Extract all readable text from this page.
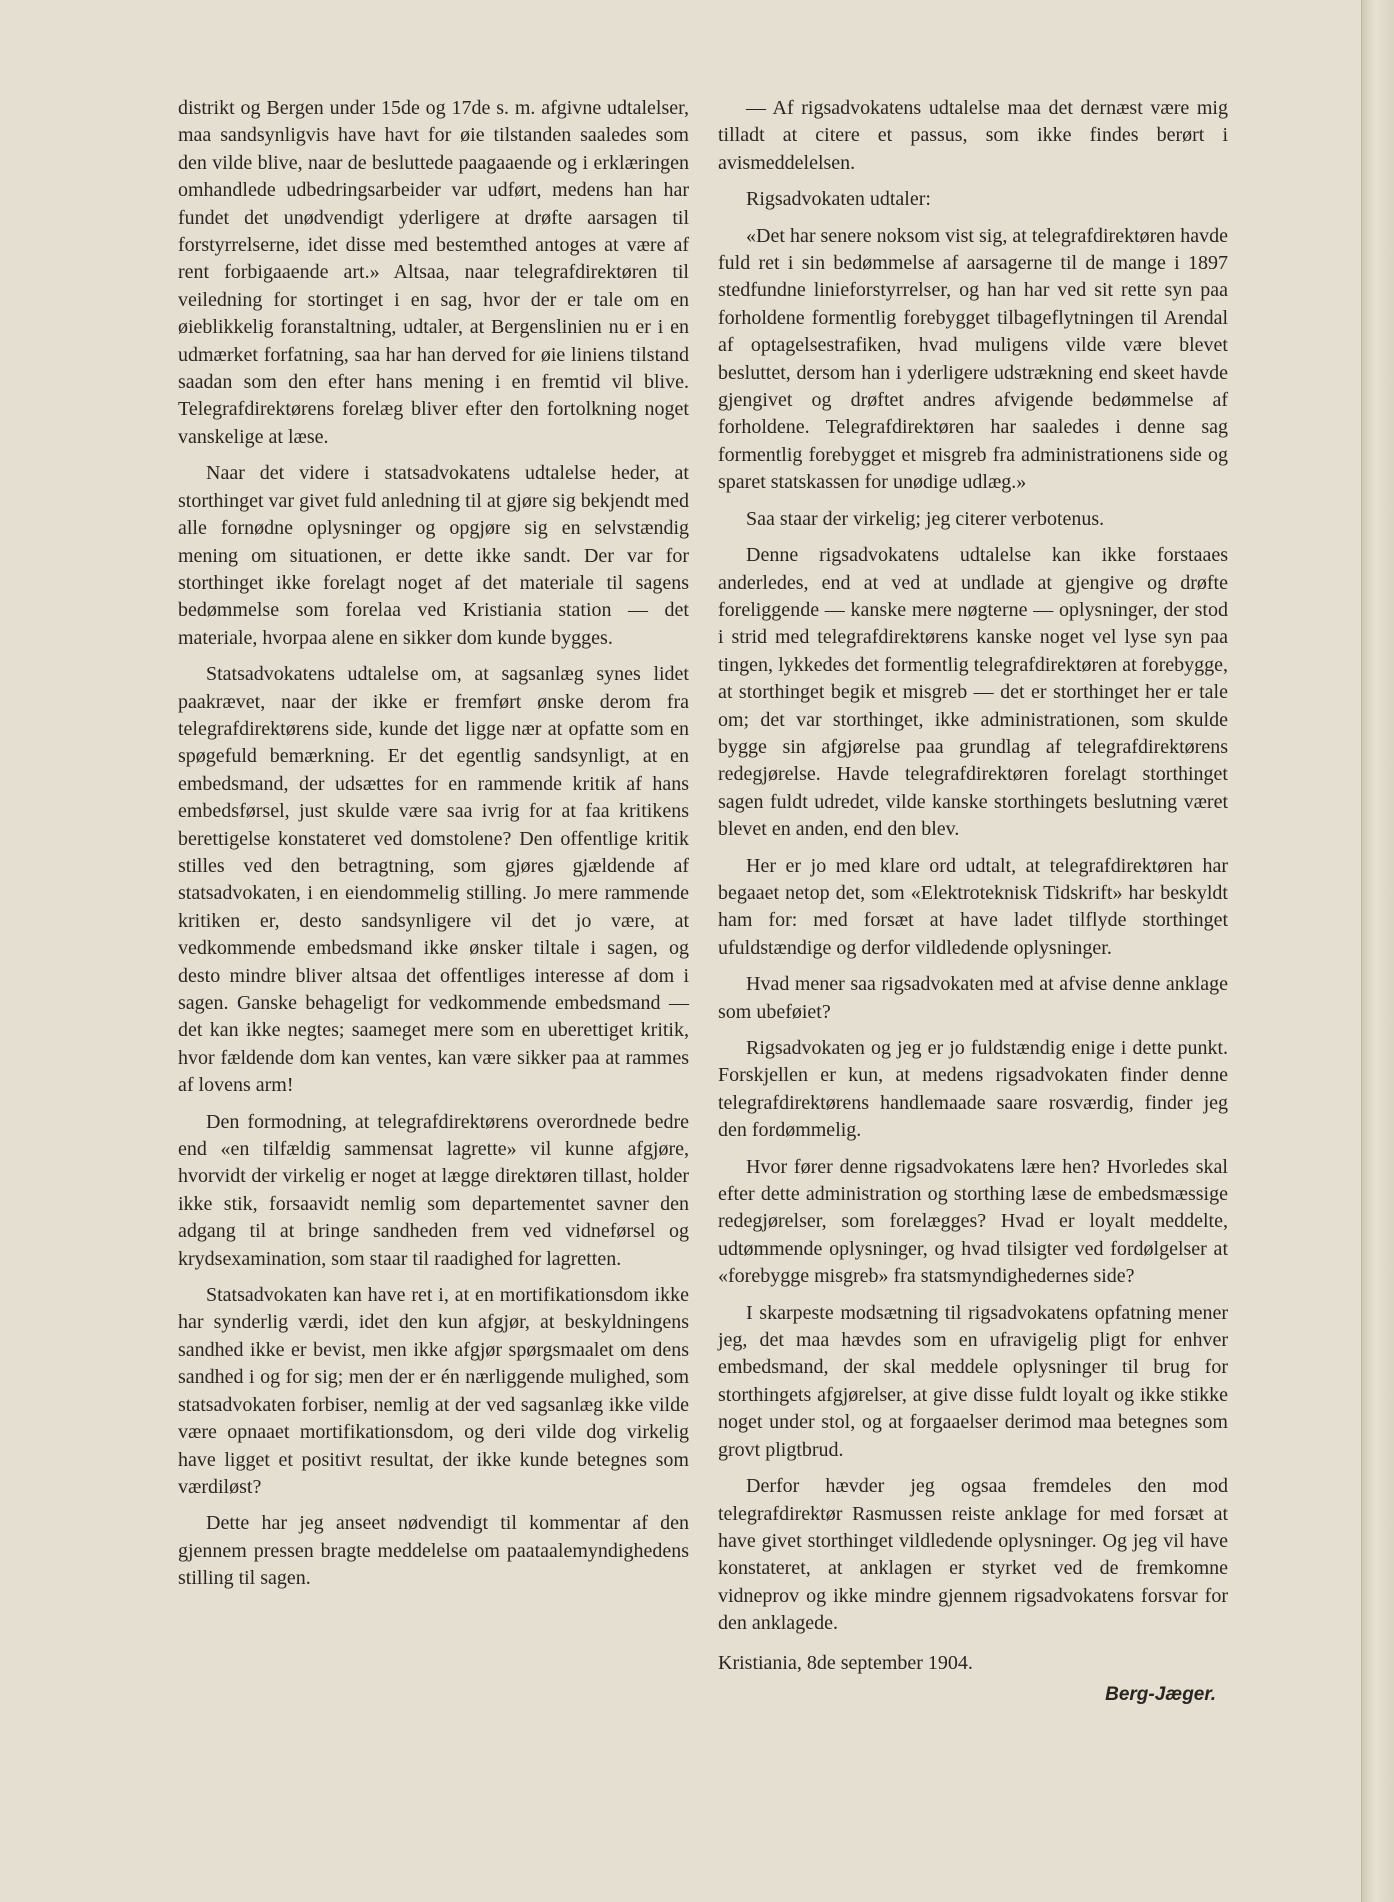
distrikt og Bergen under 15de og 17de s. m. afgivne udtalelser, maa sandsynligvis have havt for øie tilstanden saaledes som den vilde blive, naar de besluttede paagaaende og i erklæringen omhandlede udbedringsarbeider var udført, medens han har fundet det unødvendigt yderligere at drøfte aarsagen til forstyrrelserne, idet disse med bestemthed antoges at være af rent forbigaaende art.» Altsaa, naar telegrafdirektøren til veiledning for stortinget i en sag, hvor der er tale om en øieblikkelig foranstaltning, udtaler, at Bergenslinien nu er i en udmærket forfatning, saa har han derved for øie liniens tilstand saadan som den efter hans mening i en fremtid vil blive. Telegrafdirektørens forelæg bliver efter den fortolkning noget vanskelige at læse.

Naar det videre i statsadvokatens udtalelse heder, at storthinget var givet fuld anledning til at gjøre sig bekjendt med alle fornødne oplysninger og opgjøre sig en selvstændig mening om situationen, er dette ikke sandt. Der var for storthinget ikke forelagt noget af det materiale til sagens bedømmelse som forelaa ved Kristiania station — det materiale, hvorpaa alene en sikker dom kunde bygges.

Statsadvokatens udtalelse om, at sagsanlæg synes lidet paakrævet, naar der ikke er fremført ønske derom fra telegrafdirektørens side, kunde det ligge nær at opfatte som en spøgefuld bemærkning. Er det egentlig sandsynligt, at en embedsmand, der udsættes for en rammende kritik af hans embedsførsel, just skulde være saa ivrig for at faa kritikens berettigelse konstateret ved domstolene? Den offentlige kritik stilles ved den betragtning, som gjøres gjældende af statsadvokaten, i en eiendommelig stilling. Jo mere rammende kritiken er, desto sandsynligere vil det jo være, at vedkommende embedsmand ikke ønsker tiltale i sagen, og desto mindre bliver altsaa det offentliges interesse af dom i sagen. Ganske behageligt for vedkommende embedsmand — det kan ikke negtes; saameget mere som en uberettiget kritik, hvor fældende dom kan ventes, kan være sikker paa at rammes af lovens arm!

Den formodning, at telegrafdirektørens overordnede bedre end «en tilfældig sammensat lagrette» vil kunne afgjøre, hvorvidt der virkelig er noget at lægge direktøren tillast, holder ikke stik, forsaavidt nemlig som departementet savner den adgang til at bringe sandheden frem ved vidneførsel og krydsexamination, som staar til raadighed for lagretten.

Statsadvokaten kan have ret i, at en mortifikationsdom ikke har synderlig værdi, idet den kun afgjør, at beskyldningens sandhed ikke er bevist, men ikke afgjør spørgsmaalet om dens sandhed i og for sig; men der er én nærliggende mulighed, som statsadvokaten forbiser, nemlig at der ved sagsanlæg ikke vilde være opnaaet mortifikationsdom, og deri vilde dog virkelig have ligget et positivt resultat, der ikke kunde betegnes som værdiløst?

Dette har jeg anseet nødvendigt til kommentar af den gjennem pressen bragte meddelelse om paataalemyndighedens stilling til sagen.

— Af rigsadvokatens udtalelse maa det dernæst være mig tilladt at citere et passus, som ikke findes berørt i avismeddelelsen.

Rigsadvokaten udtaler:

«Det har senere noksom vist sig, at telegrafdirektøren havde fuld ret i sin bedømmelse af aarsagerne til de mange i 1897 stedfundne linieforstyrrelser, og han har ved sit rette syn paa forholdene formentlig forebygget tilbageflytningen til Arendal af optagelsestrafiken, hvad muligens vilde være blevet besluttet, dersom han i yderligere udstrækning end skeet havde gjengivet og drøftet andres afvigende bedømmelse af forholdene. Telegrafdirektøren har saaledes i denne sag formentlig forebygget et misgreb fra administrationens side og sparet statskassen for unødige udlæg.»

Saa staar der virkelig; jeg citerer verbotenus.

Denne rigsadvokatens udtalelse kan ikke forstaaes anderledes, end at ved at undlade at gjengive og drøfte foreliggende — kanske mere nøgterne — oplysninger, der stod i strid med telegrafdirektørens kanske noget vel lyse syn paa tingen, lykkedes det formentlig telegrafdirektøren at forebygge, at storthinget begik et misgreb — det er storthinget her er tale om; det var storthinget, ikke administrationen, som skulde bygge sin afgjørelse paa grundlag af telegrafdirektørens redegjørelse. Havde telegrafdirektøren forelagt storthinget sagen fuldt udredet, vilde kanske storthingets beslutning været blevet en anden, end den blev.

Her er jo med klare ord udtalt, at telegrafdirektøren har begaaet netop det, som «Elektroteknisk Tidskrift» har beskyldt ham for: med forsæt at have ladet tilflyde storthinget ufuldstændige og derfor vildledende oplysninger.

Hvad mener saa rigsadvokaten med at afvise denne anklage som ubeføiet?

Rigsadvokaten og jeg er jo fuldstændig enige i dette punkt. Forskjellen er kun, at medens rigsadvokaten finder denne telegrafdirektørens handlemaade saare rosværdig, finder jeg den fordømmelig.

Hvor fører denne rigsadvokatens lære hen? Hvorledes skal efter dette administration og storthing læse de embedsmæssige redegjørelser, som forelægges? Hvad er loyalt meddelte, udtømmende oplysninger, og hvad tilsigter ved fordølgelser at «forebygge misgreb» fra statsmyndighedernes side?

I skarpeste modsætning til rigsadvokatens opfatning mener jeg, det maa hævdes som en ufravigelig pligt for enhver embedsmand, der skal meddele oplysninger til brug for storthingets afgjørelser, at give disse fuldt loyalt og ikke stikke noget under stol, og at forgaaelser derimod maa betegnes som grovt pligtbrud.

Derfor hævder jeg ogsaa fremdeles den mod telegrafdirektør Rasmussen reiste anklage for med forsæt at have givet storthinget vildledende oplysninger. Og jeg vil have konstateret, at anklagen er styrket ved de fremkomne vidneprov og ikke mindre gjennem rigsadvokatens forsvar for den anklagede.

Kristiania, 8de september 1904.

Berg-Jæger.
